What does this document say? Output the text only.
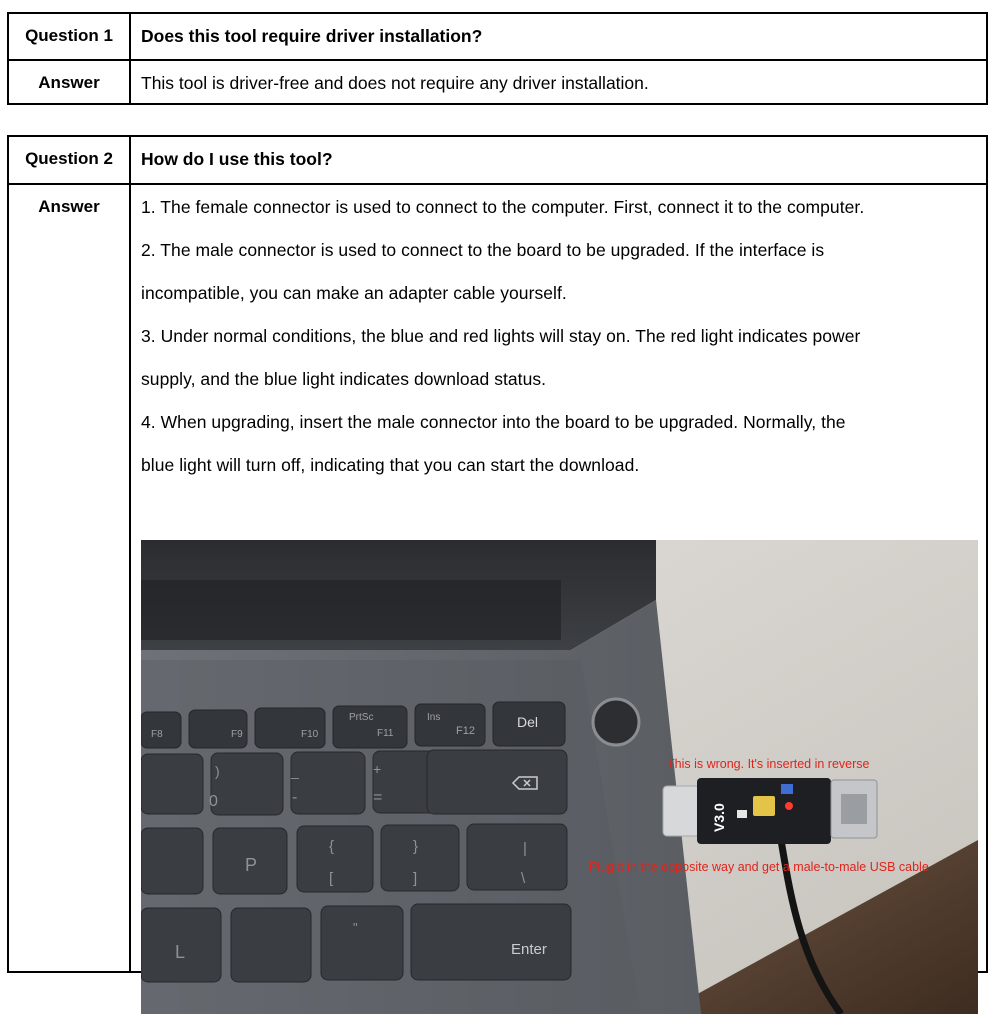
Question 1	Does this tool require driver installation?
Answer	This tool is driver-free and does not require any driver installation.
Question 2	How do I use this tool?
Answer	1. The female connector is used to connect to the computer. First, connect it to the computer.
2. The male connector is used to connect to the board to be upgraded. If the interface is
incompatible, you can make an adapter cable yourself.
3. Under normal conditions, the blue and red lights will stay on. The red light indicates power
supply, and the blue light indicates download status.
4. When upgrading, insert the male connector into the board to be upgraded. Normally, the
blue light will turn off, indicating that you can start the download.
F8	F9	F10
PrtSc
F11
Ins
F12
Del
)
0
_
-
+
=
P
{
[
}
]
|
\
L
"
Enter
V3.0
This is wrong. It's inserted in reverse
Plug it in the opposite way and get a male-to-male USB cable
